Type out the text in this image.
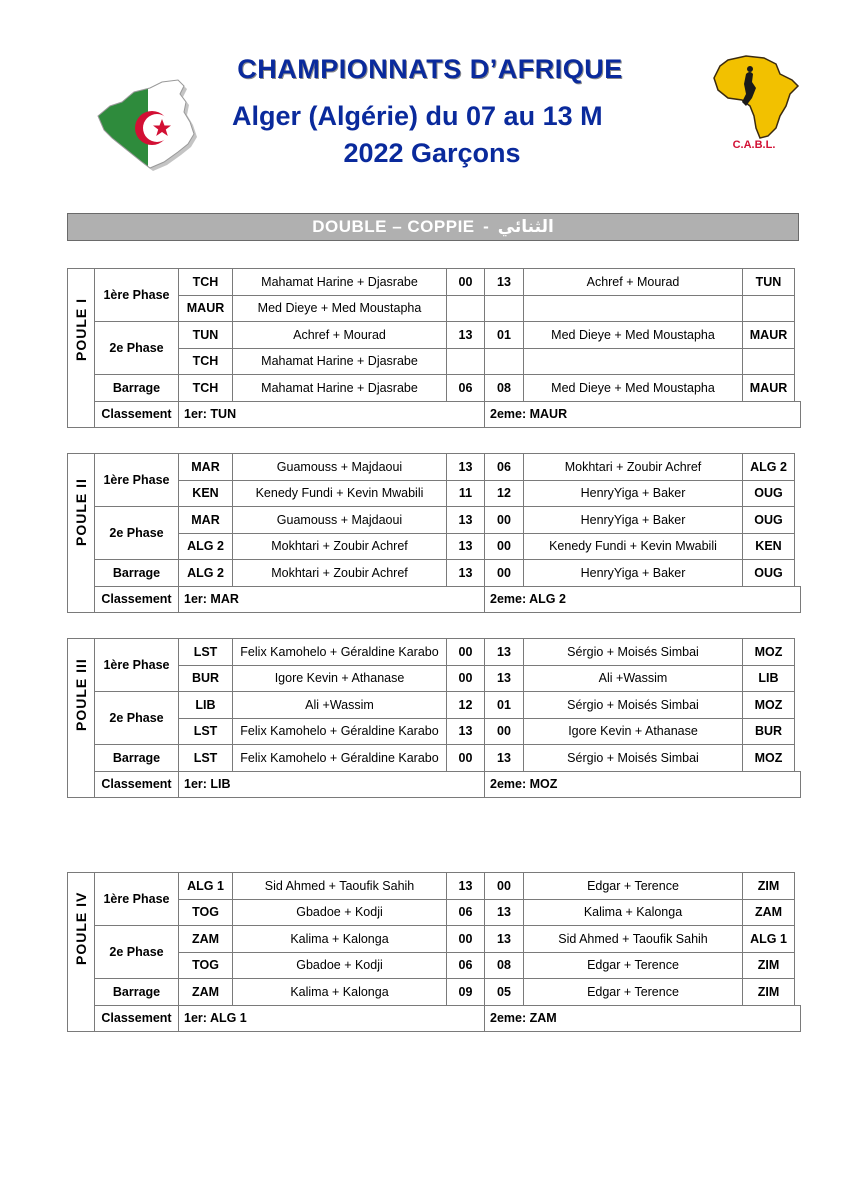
CHAMPIONNATS D’AFRIQUE
Alger (Algérie) du 07 au 13 M
2022 Garçons	C.A.B.L.
DOUBLE – COPPIE - الثنائي
POULE I	1ère Phase	TCH	Mahamat Harine + Djasrabe	00	13	Achref + Mourad	TUN
		MAUR	Med Dieye + Med Moustapha				
	2e Phase	TUN	Achref + Mourad	13	01	Med Dieye + Med Moustapha	MAUR
		TCH	Mahamat Harine + Djasrabe				
	Barrage	TCH	Mahamat Harine + Djasrabe	06	08	Med Dieye + Med Moustapha	MAUR
	Classement	1er: TUN			2eme: MAUR		
POULE II	1ère Phase	MAR	Guamouss + Majdaoui	13	06	Mokhtari + Zoubir Achref	ALG 2
		KEN	Kenedy Fundi + Kevin Mwabili	11	12	HenryYiga + Baker	OUG
	2e Phase	MAR	Guamouss + Majdaoui	13	00	HenryYiga + Baker	OUG
		ALG 2	Mokhtari + Zoubir Achref	13	00	Kenedy Fundi + Kevin Mwabili	KEN
	Barrage	ALG 2	Mokhtari + Zoubir Achref	13	00	HenryYiga + Baker	OUG
	Classement	1er: MAR			2eme: ALG 2		
POULE III	1ère Phase	LST	Felix Kamohelo + Géraldine Karabo	00	13	Sérgio + Moisés Simbai	MOZ
		BUR	Igore Kevin + Athanase	00	13	Ali +Wassim	LIB
	2e Phase	LIB	Ali +Wassim	12	01	Sérgio + Moisés Simbai	MOZ
		LST	Felix Kamohelo + Géraldine Karabo	13	00	Igore Kevin + Athanase	BUR
	Barrage	LST	Felix Kamohelo + Géraldine Karabo	00	13	Sérgio + Moisés Simbai	MOZ
	Classement	1er: LIB			2eme: MOZ		
POULE IV	1ère Phase	ALG 1	Sid Ahmed + Taoufik Sahih	13	00	Edgar + Terence	ZIM
		TOG	Gbadoe + Kodji	06	13	Kalima + Kalonga	ZAM
	2e Phase	ZAM	Kalima + Kalonga	00	13	Sid Ahmed + Taoufik Sahih	ALG 1
		TOG	Gbadoe + Kodji	06	08	Edgar + Terence	ZIM
	Barrage	ZAM	Kalima + Kalonga	09	05	Edgar + Terence	ZIM
	Classement	1er: ALG 1			2eme: ZAM		
